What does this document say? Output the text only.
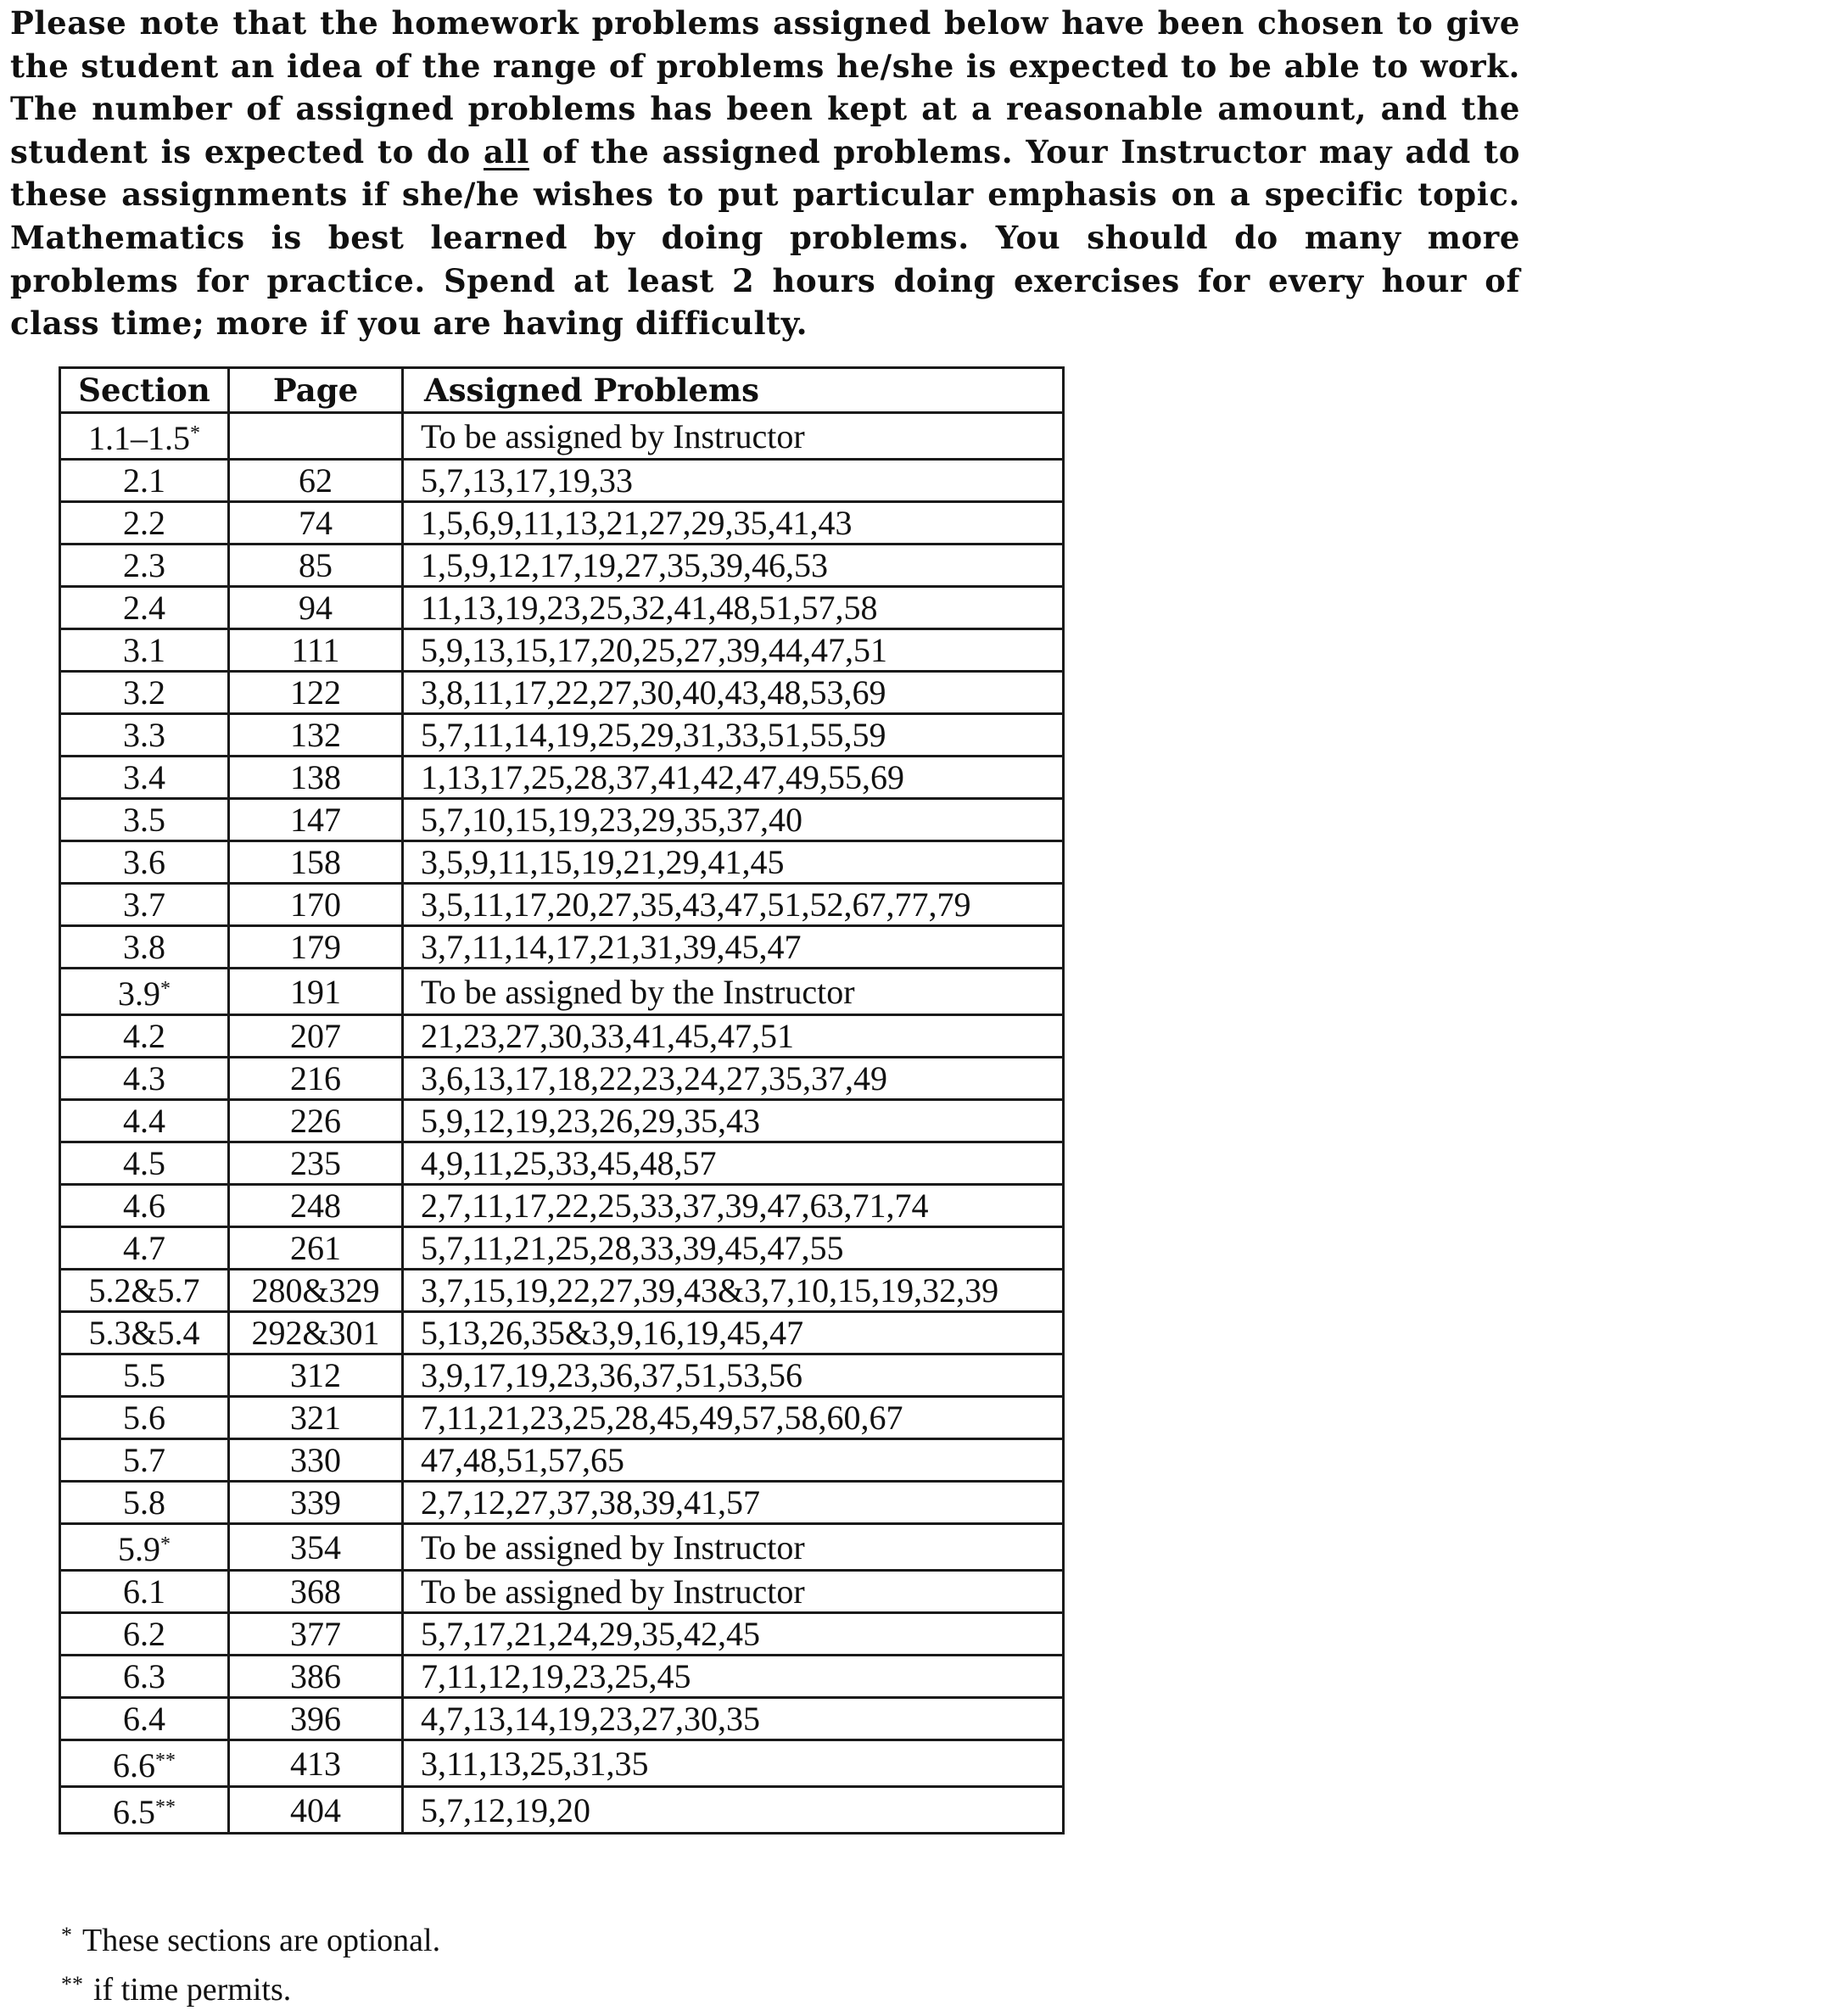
Please note that the homework problems assigned below have been chosen to give the student an idea of the range of problems he/she is expected to be able to work. The number of assigned problems has been kept at a reasonable amount, and the student is expected to do all of the assigned problems. Your Instructor may add to these assignments if she/he wishes to put particular emphasis on a specific topic. Mathematics is best learned by doing problems. You should do many more problems for practice. Spend at least 2 hours doing exercises for every hour of class time; more if you are having difficulty.

Section	Page	Assigned Problems
1.1–1.5*		To be assigned by Instructor
2.1	62	5,7,13,17,19,33
2.2	74	1,5,6,9,11,13,21,27,29,35,41,43
2.3	85	1,5,9,12,17,19,27,35,39,46,53
2.4	94	11,13,19,23,25,32,41,48,51,57,58
3.1	111	5,9,13,15,17,20,25,27,39,44,47,51
3.2	122	3,8,11,17,22,27,30,40,43,48,53,69
3.3	132	5,7,11,14,19,25,29,31,33,51,55,59
3.4	138	1,13,17,25,28,37,41,42,47,49,55,69
3.5	147	5,7,10,15,19,23,29,35,37,40
3.6	158	3,5,9,11,15,19,21,29,41,45
3.7	170	3,5,11,17,20,27,35,43,47,51,52,67,77,79
3.8	179	3,7,11,14,17,21,31,39,45,47
3.9*	191	To be assigned by the Instructor
4.2	207	21,23,27,30,33,41,45,47,51
4.3	216	3,6,13,17,18,22,23,24,27,35,37,49
4.4	226	5,9,12,19,23,26,29,35,43
4.5	235	4,9,11,25,33,45,48,57
4.6	248	2,7,11,17,22,25,33,37,39,47,63,71,74
4.7	261	5,7,11,21,25,28,33,39,45,47,55
5.2&5.7	280&329	3,7,15,19,22,27,39,43&3,7,10,15,19,32,39
5.3&5.4	292&301	5,13,26,35&3,9,16,19,45,47
5.5	312	3,9,17,19,23,36,37,51,53,56
5.6	321	7,11,21,23,25,28,45,49,57,58,60,67
5.7	330	47,48,51,57,65
5.8	339	2,7,12,27,37,38,39,41,57
5.9*	354	To be assigned by Instructor
6.1	368	To be assigned by Instructor
6.2	377	5,7,17,21,24,29,35,42,45
6.3	386	7,11,12,19,23,25,45
6.4	396	4,7,13,14,19,23,27,30,35
6.6**	413	3,11,13,25,31,35
6.5**	404	5,7,12,19,20
* These sections are optional.
** if time permits.
